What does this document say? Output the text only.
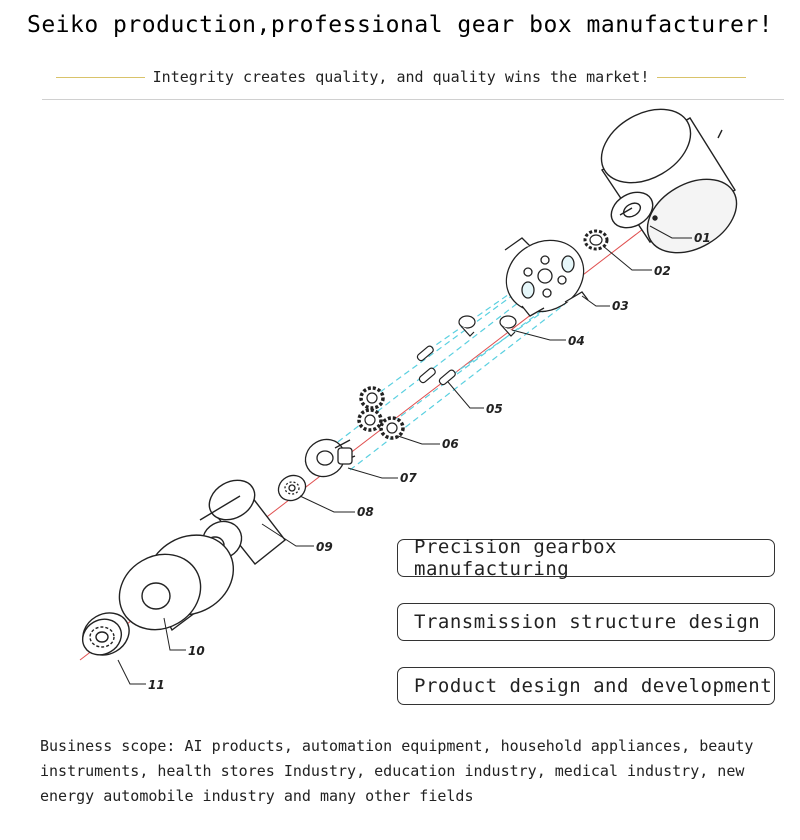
Seiko production,professional gear box manufacturer!
Integrity creates quality, and quality wins the market!
01
02
03
04
05
06
07
08
09
10
11
Precision gearbox manufacturing
Transmission structure design
Product design and development
Business scope: AI products, automation equipment, household appliances, beauty
instruments, health stores Industry, education industry, medical industry, new
energy automobile industry and many other fields
